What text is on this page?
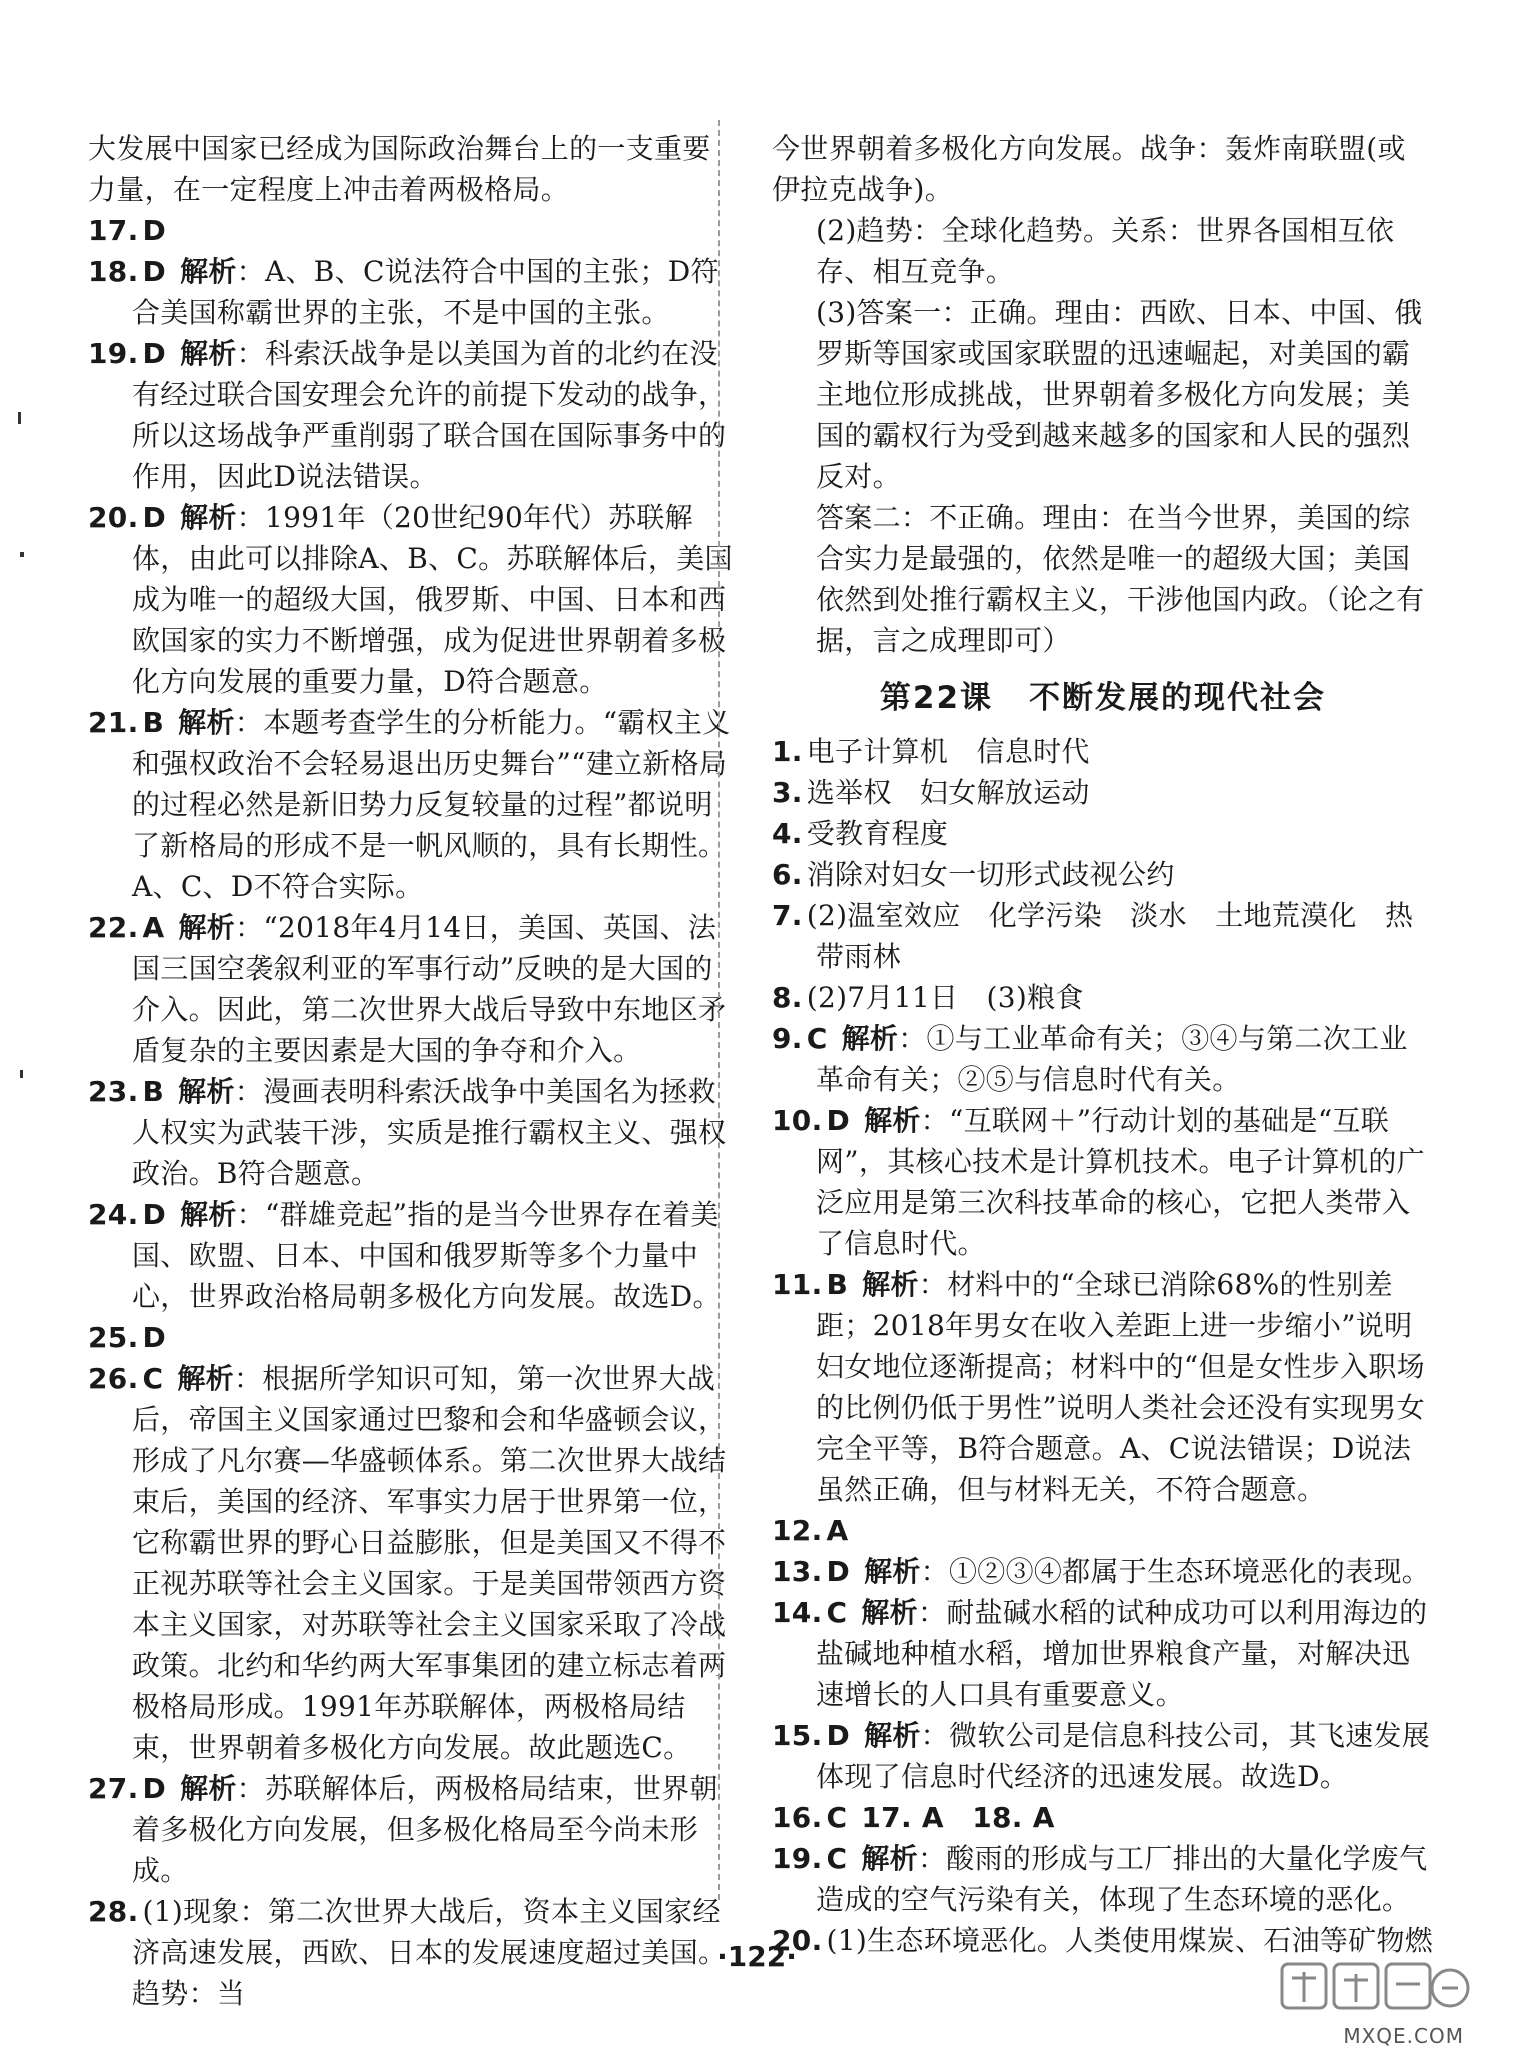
大发展中国家已经成为国际政治舞台上的一支重要力量，在一定程度上冲击着两极格局。

17. D

18. D 解析：A、B、C说法符合中国的主张；D符合美国称霸世界的主张，不是中国的主张。

19. D 解析：科索沃战争是以美国为首的北约在没有经过联合国安理会允许的前提下发动的战争，所以这场战争严重削弱了联合国在国际事务中的作用，因此D说法错误。

20. D 解析：1991年（20世纪90年代）苏联解体，由此可以排除A、B、C。苏联解体后，美国成为唯一的超级大国，俄罗斯、中国、日本和西欧国家的实力不断增强，成为促进世界朝着多极化方向发展的重要力量，D符合题意。

21. B 解析：本题考查学生的分析能力。“霸权主义和强权政治不会轻易退出历史舞台”“建立新格局的过程必然是新旧势力反复较量的过程”都说明了新格局的形成不是一帆风顺的，具有长期性。A、C、D不符合实际。

22. A 解析：“2018年4月14日，美国、英国、法国三国空袭叙利亚的军事行动”反映的是大国的介入。因此，第二次世界大战后导致中东地区矛盾复杂的主要因素是大国的争夺和介入。

23. B 解析：漫画表明科索沃战争中美国名为拯救人权实为武装干涉，实质是推行霸权主义、强权政治。B符合题意。

24. D 解析：“群雄竞起”指的是当今世界存在着美国、欧盟、日本、中国和俄罗斯等多个力量中心，世界政治格局朝多极化方向发展。故选D。

25. D

26. C 解析：根据所学知识可知，第一次世界大战后，帝国主义国家通过巴黎和会和华盛顿会议，形成了凡尔赛—华盛顿体系。第二次世界大战结束后，美国的经济、军事实力居于世界第一位，它称霸世界的野心日益膨胀，但是美国又不得不正视苏联等社会主义国家。于是美国带领西方资本主义国家，对苏联等社会主义国家采取了冷战政策。北约和华约两大军事集团的建立标志着两极格局形成。1991年苏联解体，两极格局结束，世界朝着多极化方向发展。故此题选C。

27. D 解析：苏联解体后，两极格局结束，世界朝着多极化方向发展，但多极化格局至今尚未形成。

28. (1)现象：第二次世界大战后，资本主义国家经济高速发展，西欧、日本的发展速度超过美国。趋势：当

今世界朝着多极化方向发展。战争：轰炸南联盟(或伊拉克战争)。

(2)趋势：全球化趋势。关系：世界各国相互依存、相互竞争。

(3)答案一：正确。理由：西欧、日本、中国、俄罗斯等国家或国家联盟的迅速崛起，对美国的霸主地位形成挑战，世界朝着多极化方向发展；美国的霸权行为受到越来越多的国家和人民的强烈反对。

答案二：不正确。理由：在当今世界，美国的综合实力是最强的，依然是唯一的超级大国；美国依然到处推行霸权主义，干涉他国内政。（论之有据，言之成理即可）

第22课 不断发展的现代社会

1. 电子计算机　信息时代

3. 选举权　妇女解放运动

4. 受教育程度

6. 消除对妇女一切形式歧视公约

7. (2)温室效应　化学污染　淡水　土地荒漠化　热带雨林

8. (2)7月11日　(3)粮食

9. C 解析：①与工业革命有关；③④与第二次工业革命有关；②⑤与信息时代有关。

10. D 解析：“互联网＋”行动计划的基础是“互联网”，其核心技术是计算机技术。电子计算机的广泛应用是第三次科技革命的核心，它把人类带入了信息时代。

11. B 解析：材料中的“全球已消除68%的性别差距；2018年男女在收入差距上进一步缩小”说明妇女地位逐渐提高；材料中的“但是女性步入职场的比例仍低于男性”说明人类社会还没有实现男女完全平等，B符合题意。A、C说法错误；D说法虽然正确，但与材料无关，不符合题意。

12. A

13. D 解析：①②③④都属于生态环境恶化的表现。

14. C 解析：耐盐碱水稻的试种成功可以利用海边的盐碱地种植水稻，增加世界粮食产量，对解决迅速增长的人口具有重要意义。

15. D 解析：微软公司是信息科技公司，其飞速发展体现了信息时代经济的迅速发展。故选D。

16. C 17. A　18. A

19. C 解析：酸雨的形成与工厂排出的大量化学废气造成的空气污染有关，体现了生态环境的恶化。

20. (1)生态环境恶化。人类使用煤炭、石油等矿物燃

·122·
MXQE.COM
